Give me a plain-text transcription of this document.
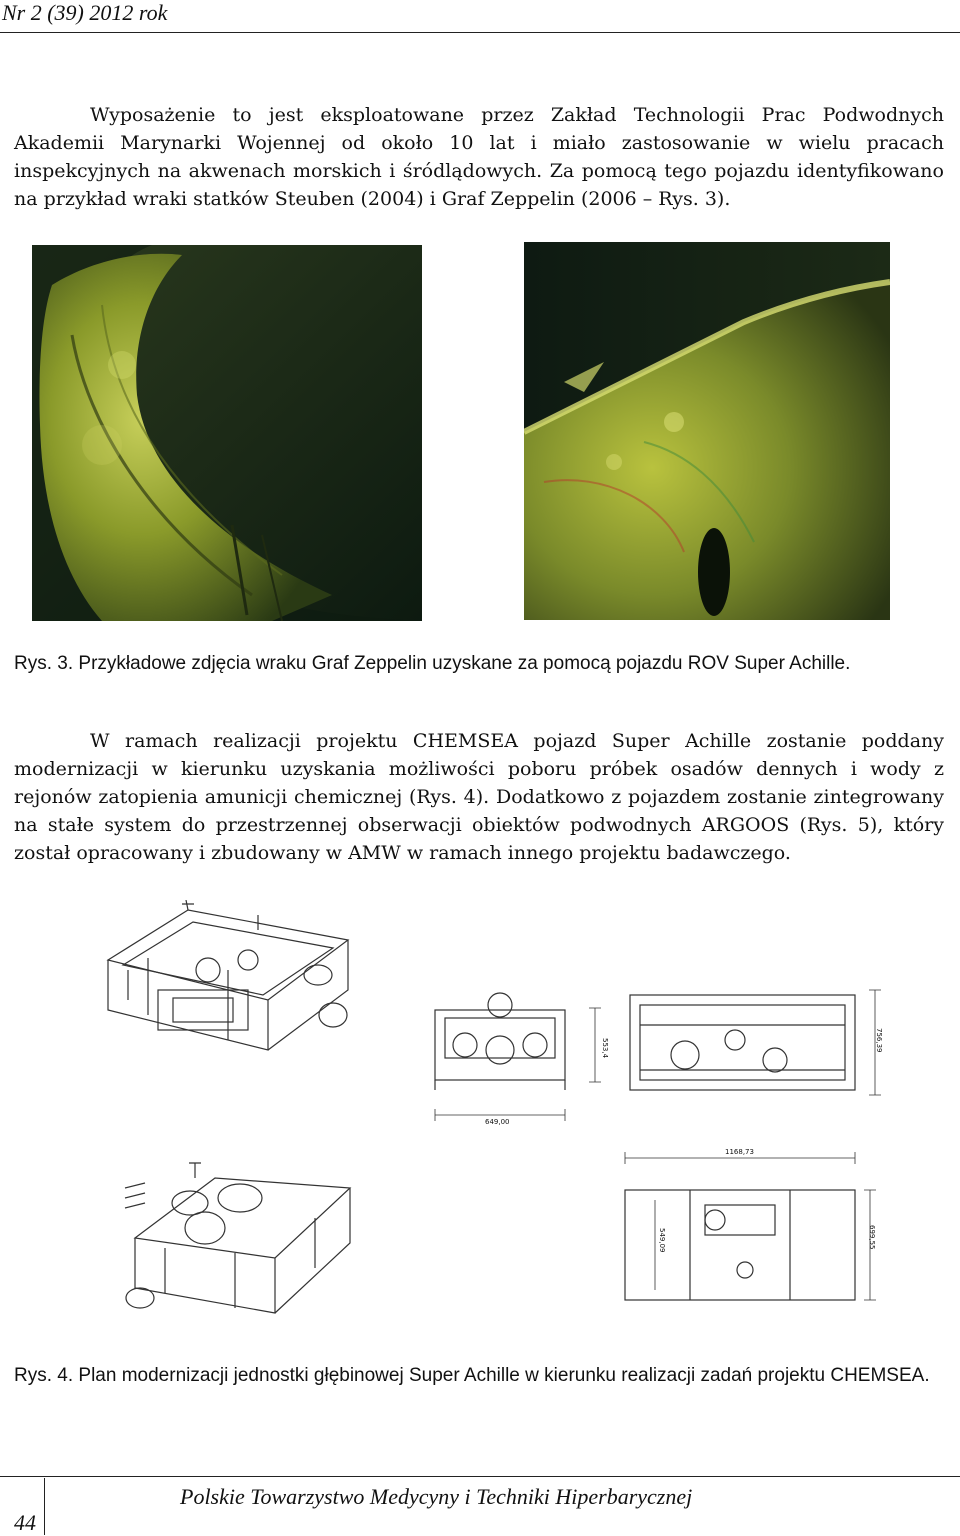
Nr 2 (39) 2012 rok

Wyposażenie to jest eksploatowane przez Zakład Technologii Prac Podwodnych Akademii Marynarki Wojennej od około 10 lat i miało zastosowanie w wielu pracach inspekcyjnych na akwenach morskich i śródlądowych. Za pomocą tego pojazdu identyfikowano na przykład wraki statków Steuben (2004) i Graf Zeppelin (2006 – Rys. 3).

Rys. 3. Przykładowe zdjęcia wraku Graf Zeppelin uzyskane za pomocą pojazdu ROV Super Achille.

W ramach realizacji projektu CHEMSEA pojazd Super Achille zostanie poddany modernizacji w kierunku uzyskania możliwości poboru próbek osadów dennych i wody z rejonów zatopienia amunicji chemicznej (Rys. 4). Dodatkowo z pojazdem zostanie zintegrowany na stałe system do przestrzennej obserwacji obiektów podwodnych ARGOOS (Rys. 5), który został opracowany i zbudowany w AMW w ramach innego projektu badawczego.

553,4
649,00
756,39
1168,73
549,09	699,55

Rys. 4. Plan modernizacji jednostki głębinowej Super Achille w kierunku realizacji zadań projektu CHEMSEA.

Polskie Towarzystwo Medycyny i Techniki Hiperbarycznej
44
